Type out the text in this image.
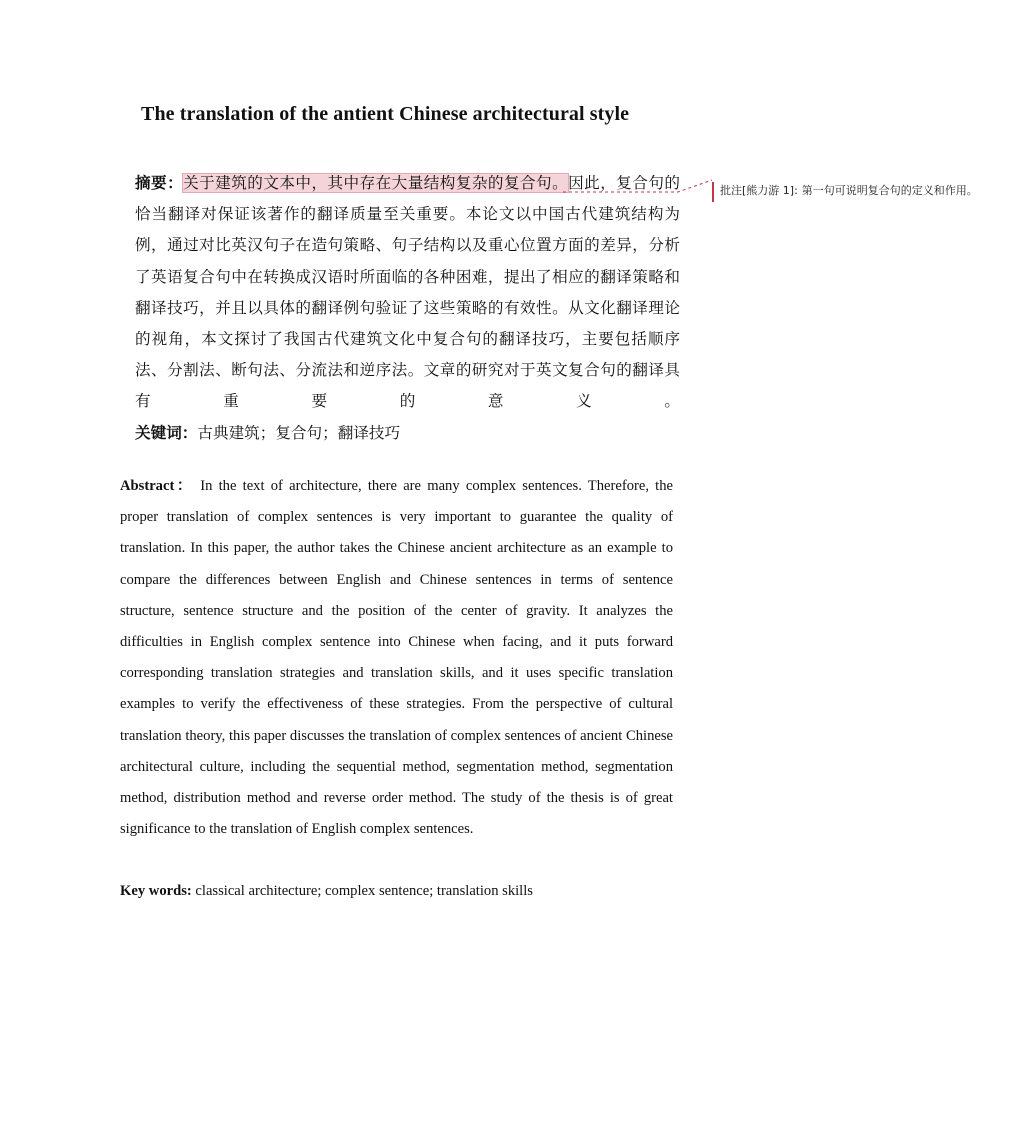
The translation of the antient Chinese architectural style

摘要：关于建筑的文本中，其中存在大量结构复杂的复合句。因此，复合句的恰当翻译对保证该著作的翻译质量至关重要。本论文以中国古代建筑结构为例，通过对比英汉句子在造句策略、句子结构以及重心位置方面的差异，分析了英语复合句中在转换成汉语时所面临的各种困难，提出了相应的翻译策略和翻译技巧，并且以具体的翻译例句验证了这些策略的有效性。从文化翻译理论的视角，本文探讨了我国古代建筑文化中复合句的翻译技巧，主要包括顺序法、分割法、断句法、分流法和逆序法。文章的研究对于英文复合句的翻译具有重要的意义。

关键词：古典建筑；复合句；翻译技巧

Abstract： In the text of architecture, there are many complex sentences. Therefore, the proper translation of complex sentences is very important to guarantee the quality of translation. In this paper, the author takes the Chinese ancient architecture as an example to compare the differences between English and Chinese sentences in terms of sentence structure, sentence structure and the position of the center of gravity. It analyzes the difficulties in English complex sentence into Chinese when facing, and it puts forward corresponding translation strategies and translation skills, and it uses specific translation examples to verify the effectiveness of these strategies. From the perspective of cultural translation theory, this paper discusses the translation of complex sentences of ancient Chinese architectural culture, including the sequential method, segmentation method, segmentation method, distribution method and reverse order method. The study of the thesis is of great significance to the translation of English complex sentences.

Key words: classical architecture; complex sentence; translation skills

批注[熊力游 1]: 第一句可说明复合句的定义和作用。
